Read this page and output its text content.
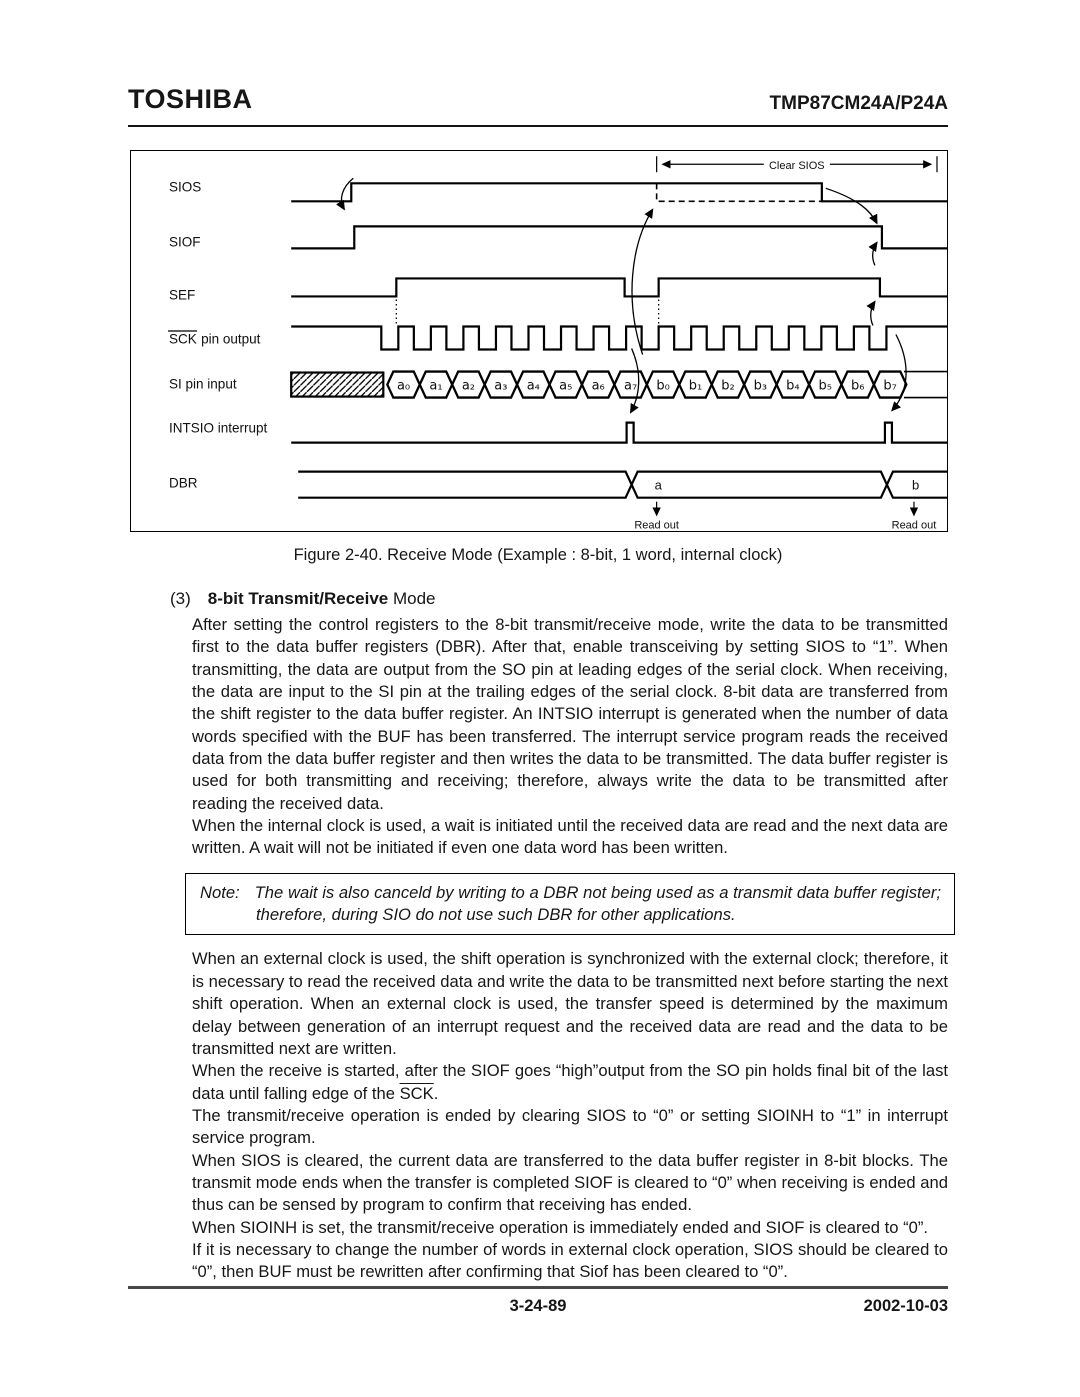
TOSHIBA	TMP87CM24A/P24A
SIOS
SIOF
SEF
SCK pin output
SI pin input
INTSIO interrupt
DBR
Clear SIOS
a₀ a₁ a₂ a₃ a₄ a₅ a₆ a₇ b₀ b₁ b₂ b₃ b₄ b₅ b₆ b₇
a	b
Read out	Read out
Figure 2-40. Receive Mode (Example : 8-bit, 1 word, internal clock)
(3) 8-bit Transmit/Receive Mode

After setting the control registers to the 8-bit transmit/receive mode, write the data to be transmitted first to the data buffer registers (DBR). After that, enable transceiving by setting SIOS to “1”. When transmitting, the data are output from the SO pin at leading edges of the serial clock. When receiving, the data are input to the SI pin at the trailing edges of the serial clock. 8-bit data are transferred from the shift register to the data buffer register. An INTSIO interrupt is generated when the number of data words specified with the BUF has been transferred. The interrupt service program reads the received data from the data buffer register and then writes the data to be transmitted. The data buffer register is used for both transmitting and receiving; therefore, always write the data to be transmitted after reading the received data.

When the internal clock is used, a wait is initiated until the received data are read and the next data are written. A wait will not be initiated if even one data word has been written.

Note: The wait is also canceld by writing to a DBR not being used as a transmit data buffer register; therefore, during SIO do not use such DBR for other applications.

When an external clock is used, the shift operation is synchronized with the external clock; therefore, it is necessary to read the received data and write the data to be transmitted next before starting the next shift operation. When an external clock is used, the transfer speed is determined by the maximum delay between generation of an interrupt request and the received data are read and the data to be transmitted next are written.

When the receive is started, after the SIOF goes “high”output from the SO pin holds final bit of the last data until falling edge of the $\overline{SCK}$.

The transmit/receive operation is ended by clearing SIOS to “0” or setting SIOINH to “1” in interrupt service program.

When SIOS is cleared, the current data are transferred to the data buffer register in 8-bit blocks. The transmit mode ends when the transfer is completed SIOF is cleared to “0” when receiving is ended and thus can be sensed by program to confirm that receiving has ended.

When SIOINH is set, the transmit/receive operation is immediately ended and SIOF is cleared to “0”.

If it is necessary to change the number of words in external clock operation, SIOS should be cleared to “0”, then BUF must be rewritten after confirming that Siof has been cleared to “0”.

3-24-89	2002-10-03
